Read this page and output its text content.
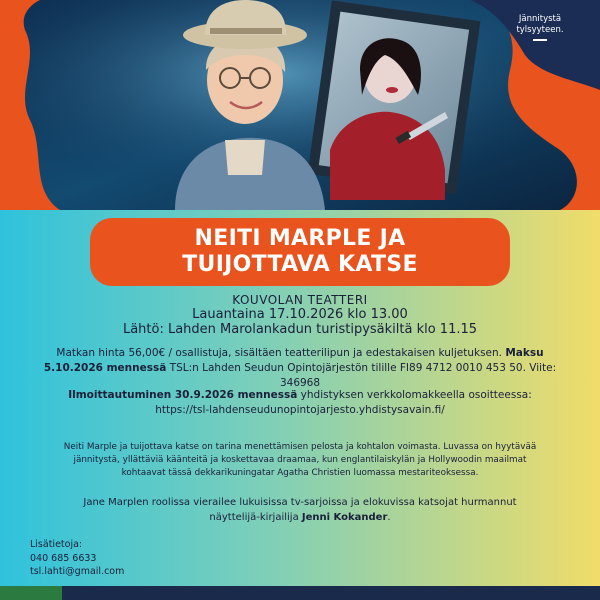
Jännitystä
tylsyyteen.
NEITI MARPLE JA
TUIJOTTAVA KATSE
KOUVOLAN TEATTERI
Lauantaina 17.10.2026 klo 13.00
Lähtö: Lahden Marolankadun turistipysäkiltä klo 11.15
Matkan hinta 56,00€ / osallistuja, sisältäen teatterilipun ja edestakaisen kuljetuksen. Maksu 5.10.2026 mennessä TSL:n Lahden Seudun Opintojärjestön tilille FI89 4712 0010 453 50. Viite: 346968
Ilmoittautuminen 30.9.2026 mennessä yhdistyksen verkkolomakkeella osoitteessa:
https://tsl-lahdenseudunopintojarjesto.yhdistysavain.fi/
Neiti Marple ja tuijottava katse on tarina menettämisen pelosta ja kohtalon voimasta. Luvassa on hyytävää jännitystä, yllättäviä käänteitä ja koskettavaa draamaa, kun englantilaiskylän ja Hollywoodin maailmat kohtaavat tässä dekkarikuningatar Agatha Christien luomassa mestariteoksessa.
Jane Marplen roolissa vierailee lukuisissa tv-sarjoissa ja elokuvissa katsojat hurmannut näyttelijä-kirjailija Jenni Kokander.
Lisätietoja:
040 685 6633
tsl.lahti@gmail.com
